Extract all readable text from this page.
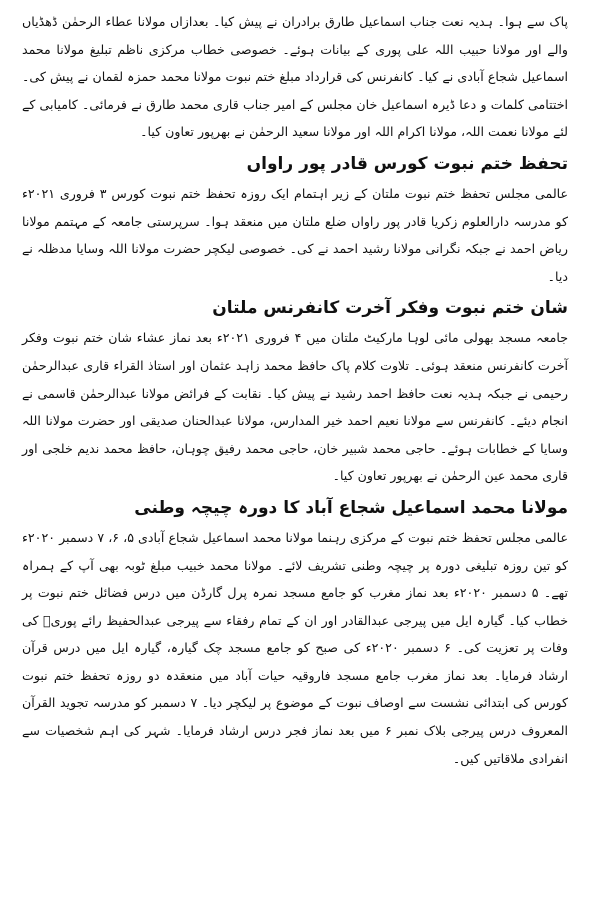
پاک سے ہوا۔ ہدیہ نعت جناب اسماعیل طارق برادران نے پیش کیا۔ بعدازاں مولانا عطاء الرحمٰن ڈھڈیاں والے اور مولانا حبیب اللہ علی پوری کے بیانات ہوئے۔ خصوصی خطاب مرکزی ناظم تبلیغ مولانا محمد اسماعیل شجاع آبادی نے کیا۔ کانفرنس کی قرارداد مبلغ ختم نبوت مولانا محمد حمزہ لقمان نے پیش کی۔ اختتامی کلمات و دعا ڈیرہ اسماعیل خان مجلس کے امیر جناب قاری محمد طارق نے فرمائی۔ کامیابی کے لئے مولانا نعمت اللہ، مولانا اکرام اللہ اور مولانا سعید الرحمٰن نے بھرپور تعاون کیا۔

تحفظ ختم نبوت کورس قادر پور راواں

عالمی مجلس تحفظ ختم نبوت ملتان کے زیر اہتمام ایک روزہ تحفظ ختم نبوت کورس ۳ فروری ۲۰۲۱ء کو مدرسہ دارالعلوم زکریا قادر پور راواں ضلع ملتان میں منعقد ہوا۔ سرپرستی جامعہ کے مہتمم مولانا ریاض احمد نے جبکہ نگرانی مولانا رشید احمد نے کی۔ خصوصی لیکچر حضرت مولانا اللہ وسایا مدظلہ نے دیا۔

شان ختم نبوت وفکر آخرت کانفرنس ملتان

جامعہ مسجد بھولی مائی لوہا مارکیٹ ملتان میں ۴ فروری ۲۰۲۱ء بعد نماز عشاء شان ختم نبوت وفکر آخرت کانفرنس منعقد ہوئی۔ تلاوت کلام پاک حافظ محمد زاہد عثمان اور استاذ القراء قاری عبدالرحمٰن رحیمی نے جبکہ ہدیہ نعت حافظ احمد رشید نے پیش کیا۔ نقابت کے فرائض مولانا عبدالرحمٰن قاسمی نے انجام دیئے۔ کانفرنس سے مولانا نعیم احمد خیر المدارس، مولانا عبدالحنان صدیقی اور حضرت مولانا اللہ وسایا کے خطابات ہوئے۔ حاجی محمد شبیر خان، حاجی محمد رفیق چوہان، حافظ محمد ندیم خلجی اور قاری محمد عین الرحمٰن نے بھرپور تعاون کیا۔

مولانا محمد اسماعیل شجاع آباد کا دورہ چیچہ وطنی

عالمی مجلس تحفظ ختم نبوت کے مرکزی رہنما مولانا محمد اسماعیل شجاع آبادی ۵، ۶، ۷ دسمبر ۲۰۲۰ء کو تین روزہ تبلیغی دورہ پر چیچہ وطنی تشریف لائے۔ مولانا محمد خبیب مبلغ ٹوبہ بھی آپ کے ہمراہ تھے۔ ۵ دسمبر ۲۰۲۰ء بعد نماز مغرب کو جامع مسجد نمرہ پرل گارڈن میں درس فضائل ختم نبوت پر خطاب کیا۔ گیارہ ایل میں پیرجی عبدالقادر اور ان کے تمام رفقاء سے پیرجی عبدالحفیظ رائے پوریؒ کی وفات پر تعزیت کی۔ ۶ دسمبر ۲۰۲۰ء کی صبح کو جامع مسجد چک گیارہ، گیارہ ایل میں درس قرآن ارشاد فرمایا۔ بعد نماز مغرب جامع مسجد فاروقیہ حیات آباد میں منعقدہ دو روزہ تحفظ ختم نبوت کورس کی ابتدائی نشست سے اوصاف نبوت کے موضوع پر لیکچر دیا۔ ۷ دسمبر کو مدرسہ تجوید القرآن المعروف درس پیرجی بلاک نمبر ۶ میں بعد نماز فجر درس ارشاد فرمایا۔ شہر کی اہم شخصیات سے انفرادی ملاقاتیں کیں۔
